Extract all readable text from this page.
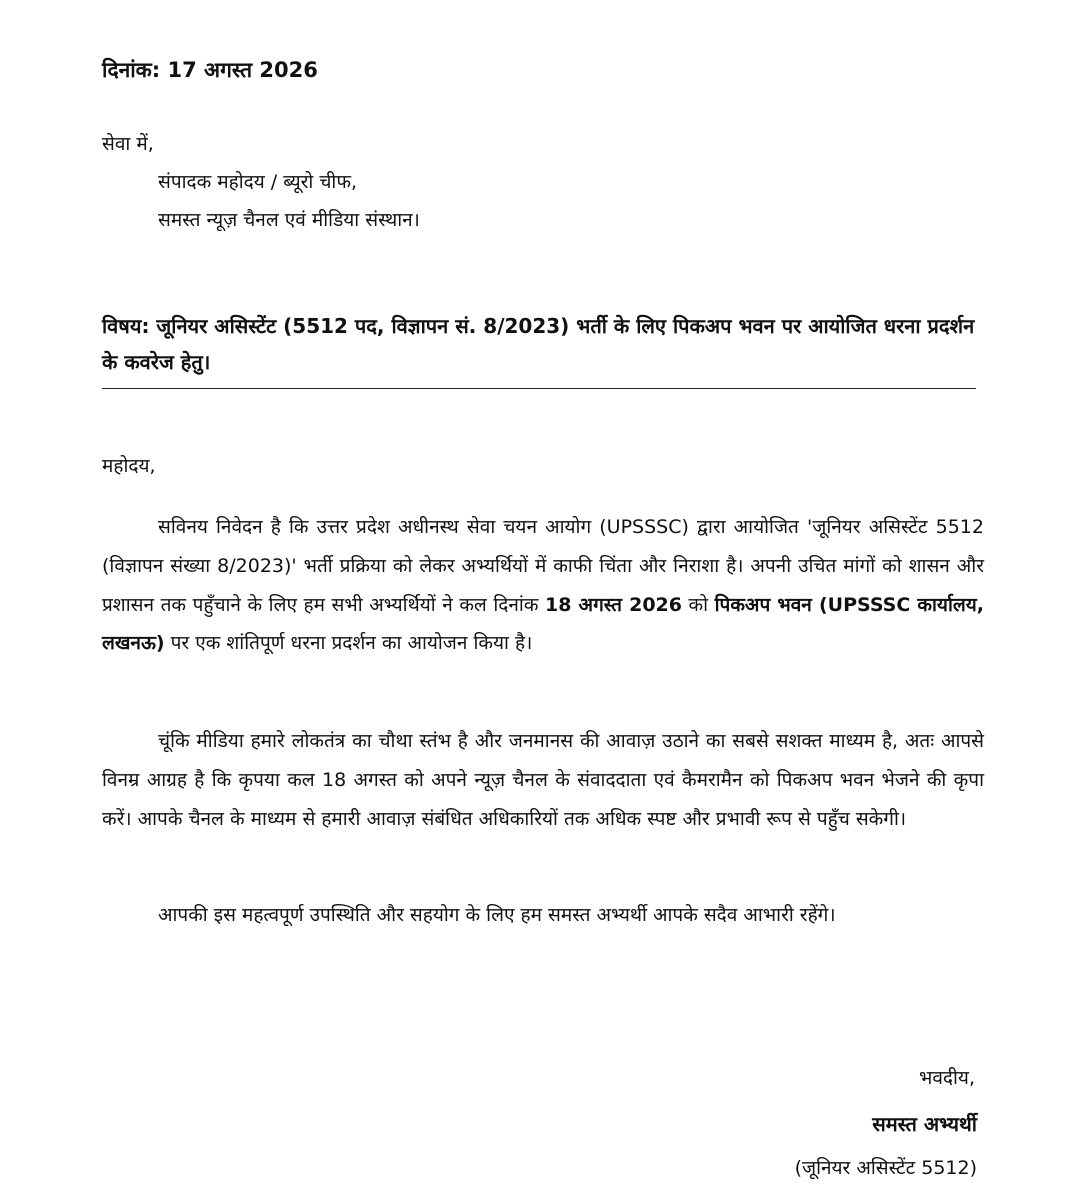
दिनांक: 17 अगस्त 2026
सेवा में,
संपादक महोदय / ब्यूरो चीफ,
समस्त न्यूज़ चैनल एवं मीडिया संस्थान।
विषय: जूनियर असिस्टेंट (5512 पद, विज्ञापन सं. 8/2023) भर्ती के लिए पिकअप भवन पर आयोजित धरना प्रदर्शन के कवरेज हेतु।
महोदय,

सविनय निवेदन है कि उत्तर प्रदेश अधीनस्थ सेवा चयन आयोग (UPSSSC) द्वारा आयोजित 'जूनियर असिस्टेंट 5512 (विज्ञापन संख्या 8/2023)' भर्ती प्रक्रिया को लेकर अभ्यर्थियों में काफी चिंता और निराशा है। अपनी उचित मांगों को शासन और प्रशासन तक पहुँचाने के लिए हम सभी अभ्यर्थियों ने कल दिनांक 18 अगस्त 2026 को पिकअप भवन (UPSSSC कार्यालय, लखनऊ) पर एक शांतिपूर्ण धरना प्रदर्शन का आयोजन किया है।

चूंकि मीडिया हमारे लोकतंत्र का चौथा स्तंभ है और जनमानस की आवाज़ उठाने का सबसे सशक्त माध्यम है, अतः आपसे विनम्र आग्रह है कि कृपया कल 18 अगस्त को अपने न्यूज़ चैनल के संवाददाता एवं कैमरामैन को पिकअप भवन भेजने की कृपा करें। आपके चैनल के माध्यम से हमारी आवाज़ संबंधित अधिकारियों तक अधिक स्पष्ट और प्रभावी रूप से पहुँच सकेगी।

आपकी इस महत्वपूर्ण उपस्थिति और सहयोग के लिए हम समस्त अभ्यर्थी आपके सदैव आभारी रहेंगे।

भवदीय,
समस्त अभ्यर्थी
(जूनियर असिस्टेंट 5512)
